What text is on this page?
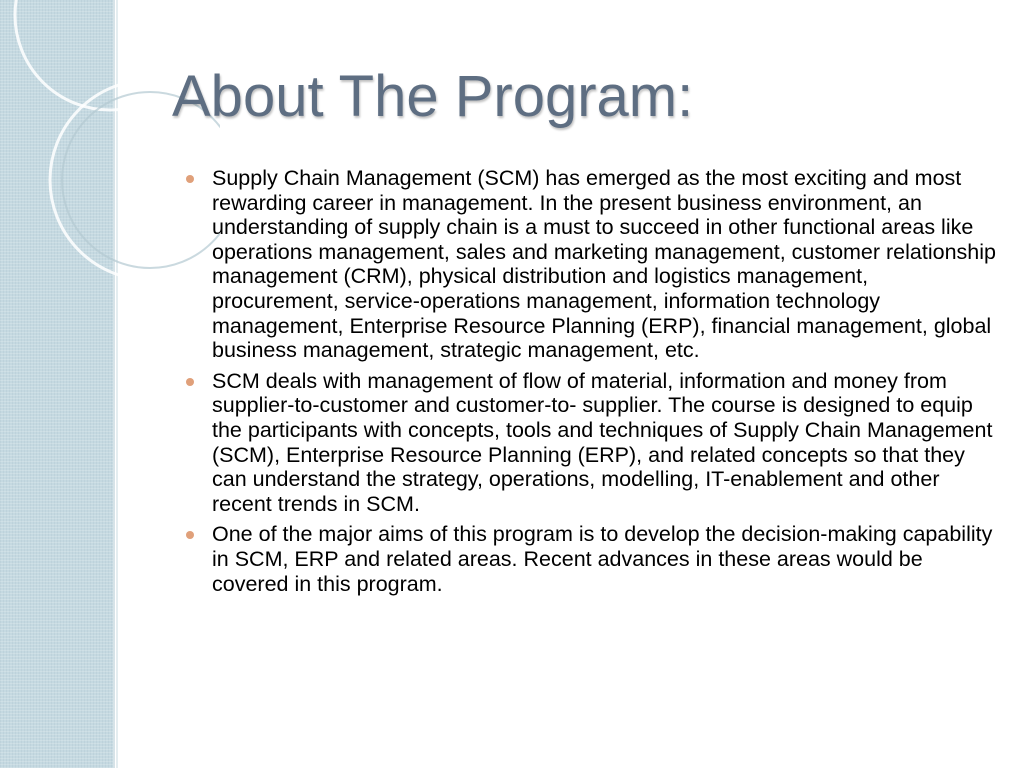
About The Program:
Supply Chain Management (SCM) has emerged as the most exciting and most rewarding career in management. In the present business environment, an understanding of supply chain is a must to succeed in other functional areas like operations management, sales and marketing management, customer relationship management (CRM), physical distribution and logistics management, procurement, service-operations management, information technology management, Enterprise Resource Planning (ERP), financial management, global business management, strategic management, etc.
SCM deals with management of flow of material, information and money from supplier-to-customer and customer-to- supplier. The course is designed to equip the participants with concepts, tools and techniques of Supply Chain Management (SCM), Enterprise Resource Planning (ERP), and related concepts so that they can understand the strategy, operations, modelling, IT-enablement and other recent trends in SCM.
One of the major aims of this program is to develop the decision-making capability in SCM, ERP and related areas. Recent advances in these areas would be covered in this program.
